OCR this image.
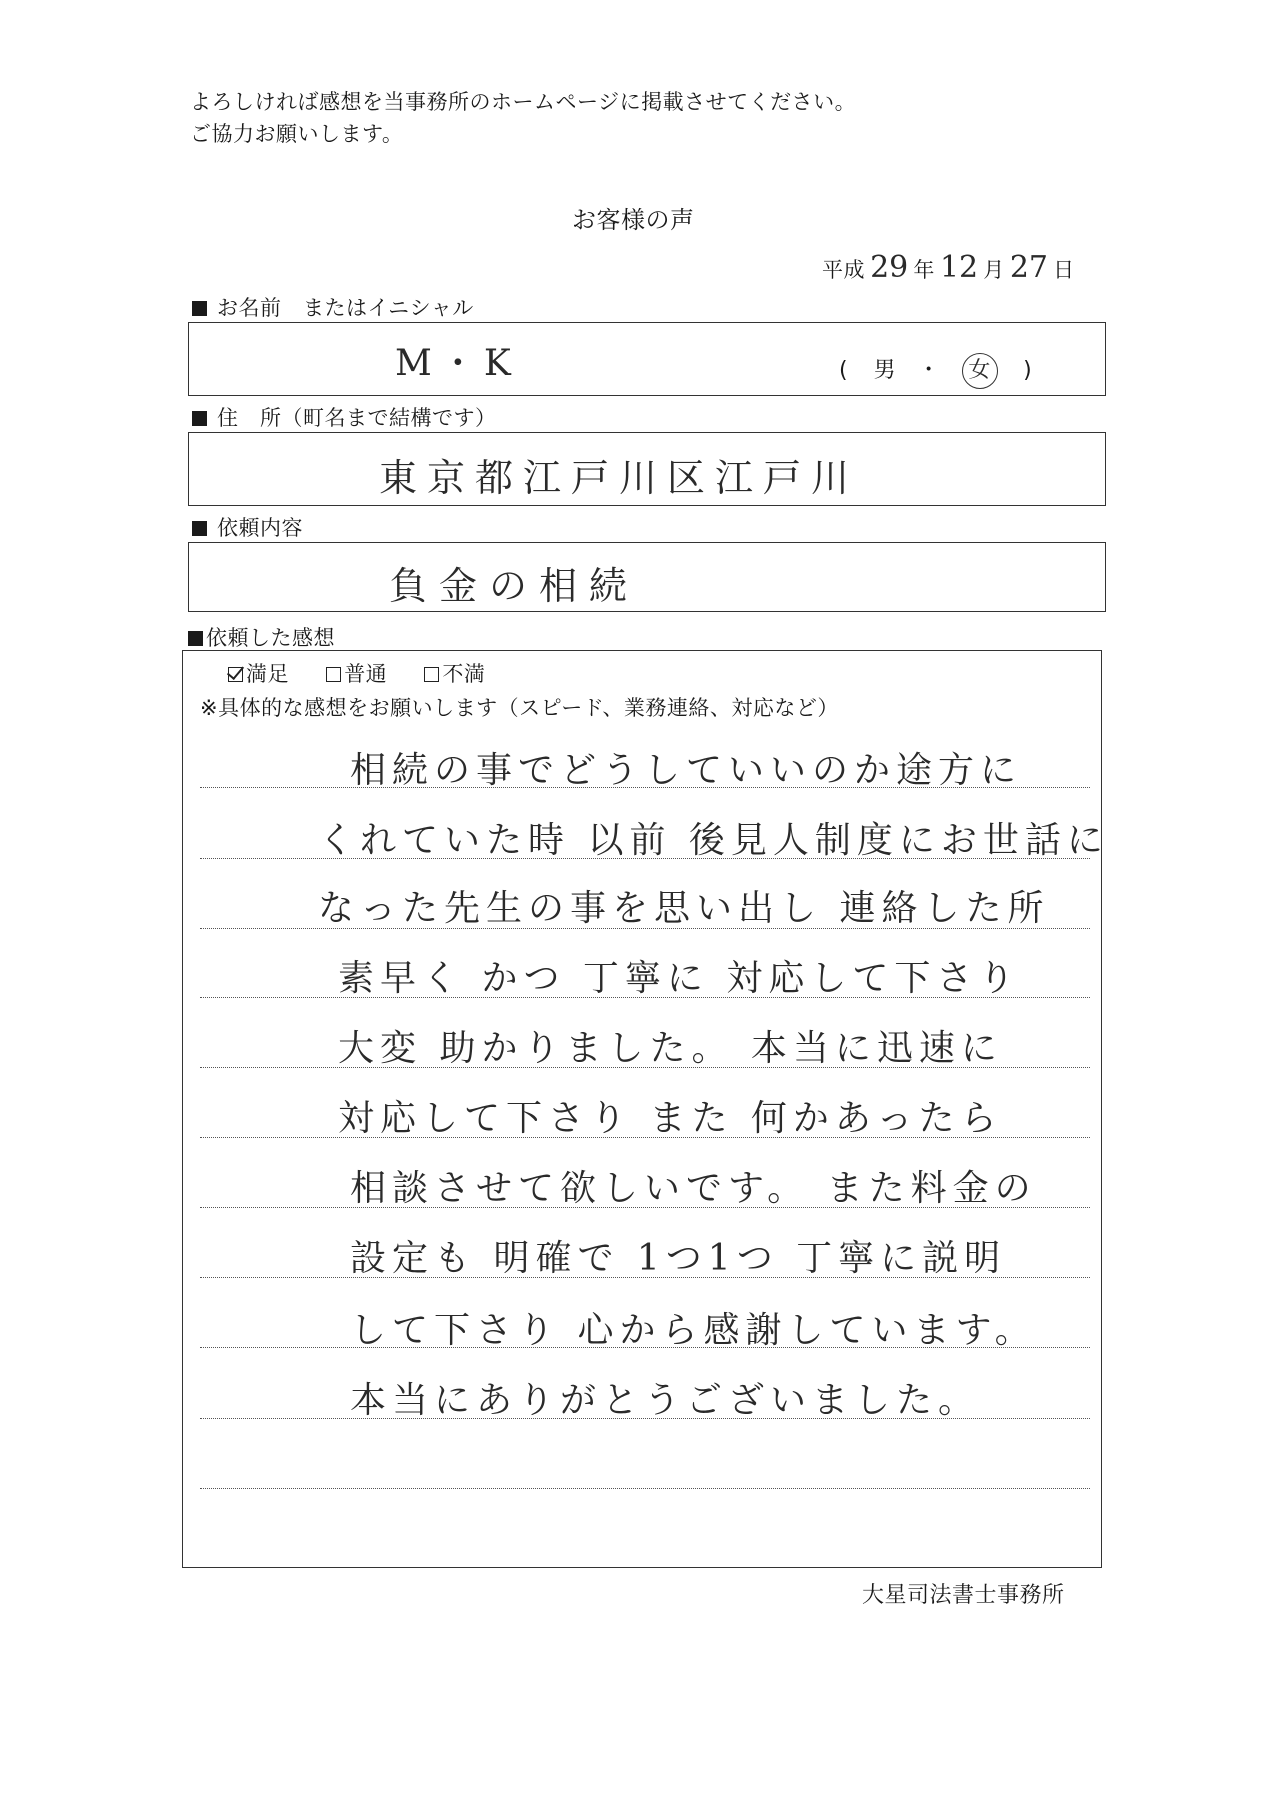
よろしければ感想を当事務所のホームページに掲載させてください。
ご協力お願いします。
お客様の声
平成 29 年 12 月 27 日
お名前　またはイニシャル
M・K	( 男 ・ 女 )
住　所（町名まで結構です）
東京都江戸川区江戸川
依頼内容
負金の相続
依頼した感想
満足	普通	不満
※具体的な感想をお願いします（スピード、業務連絡、対応など）
相続の事でどうしていいのか途方に
くれていた時 以前 後見人制度にお世話に
なった先生の事を思い出し 連絡した所
素早く かつ 丁寧に 対応して下さり
大変 助かりました。 本当に迅速に
対応して下さり また 何かあったら
相談させて欲しいです。 また料金の
設定も 明確で 1つ1つ 丁寧に説明
して下さり 心から感謝しています。
本当にありがとうございました。
大星司法書士事務所
